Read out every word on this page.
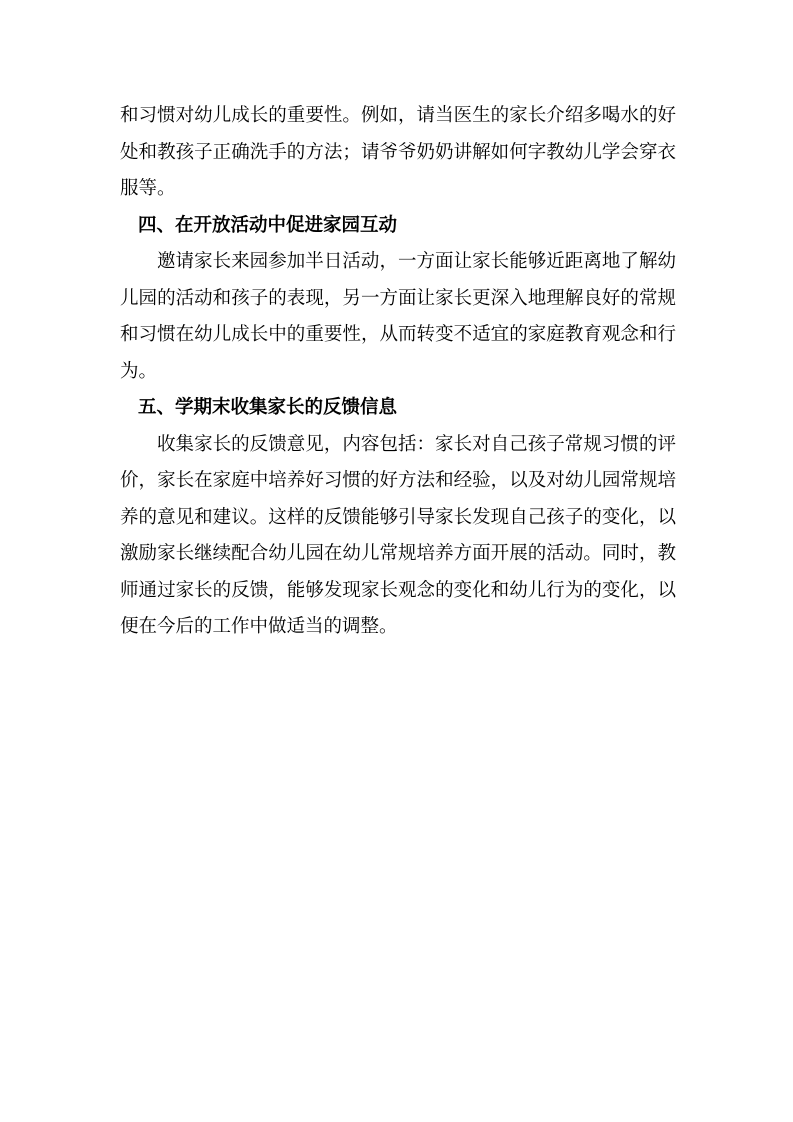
和习惯对幼儿成长的重要性。例如，请当医生的家长介绍多喝水的好处和教孩子正确洗手的方法；请爷爷奶奶讲解如何字教幼儿学会穿衣服等。

四、在开放活动中促进家园互动

邀请家长来园参加半日活动，一方面让家长能够近距离地了解幼儿园的活动和孩子的表现，另一方面让家长更深入地理解良好的常规和习惯在幼儿成长中的重要性，从而转变不适宜的家庭教育观念和行为。

五、学期末收集家长的反馈信息

收集家长的反馈意见，内容包括：家长对自己孩子常规习惯的评价，家长在家庭中培养好习惯的好方法和经验，以及对幼儿园常规培养的意见和建议。这样的反馈能够引导家长发现自己孩子的变化，以激励家长继续配合幼儿园在幼儿常规培养方面开展的活动。同时，教师通过家长的反馈，能够发现家长观念的变化和幼儿行为的变化，以便在今后的工作中做适当的调整。
